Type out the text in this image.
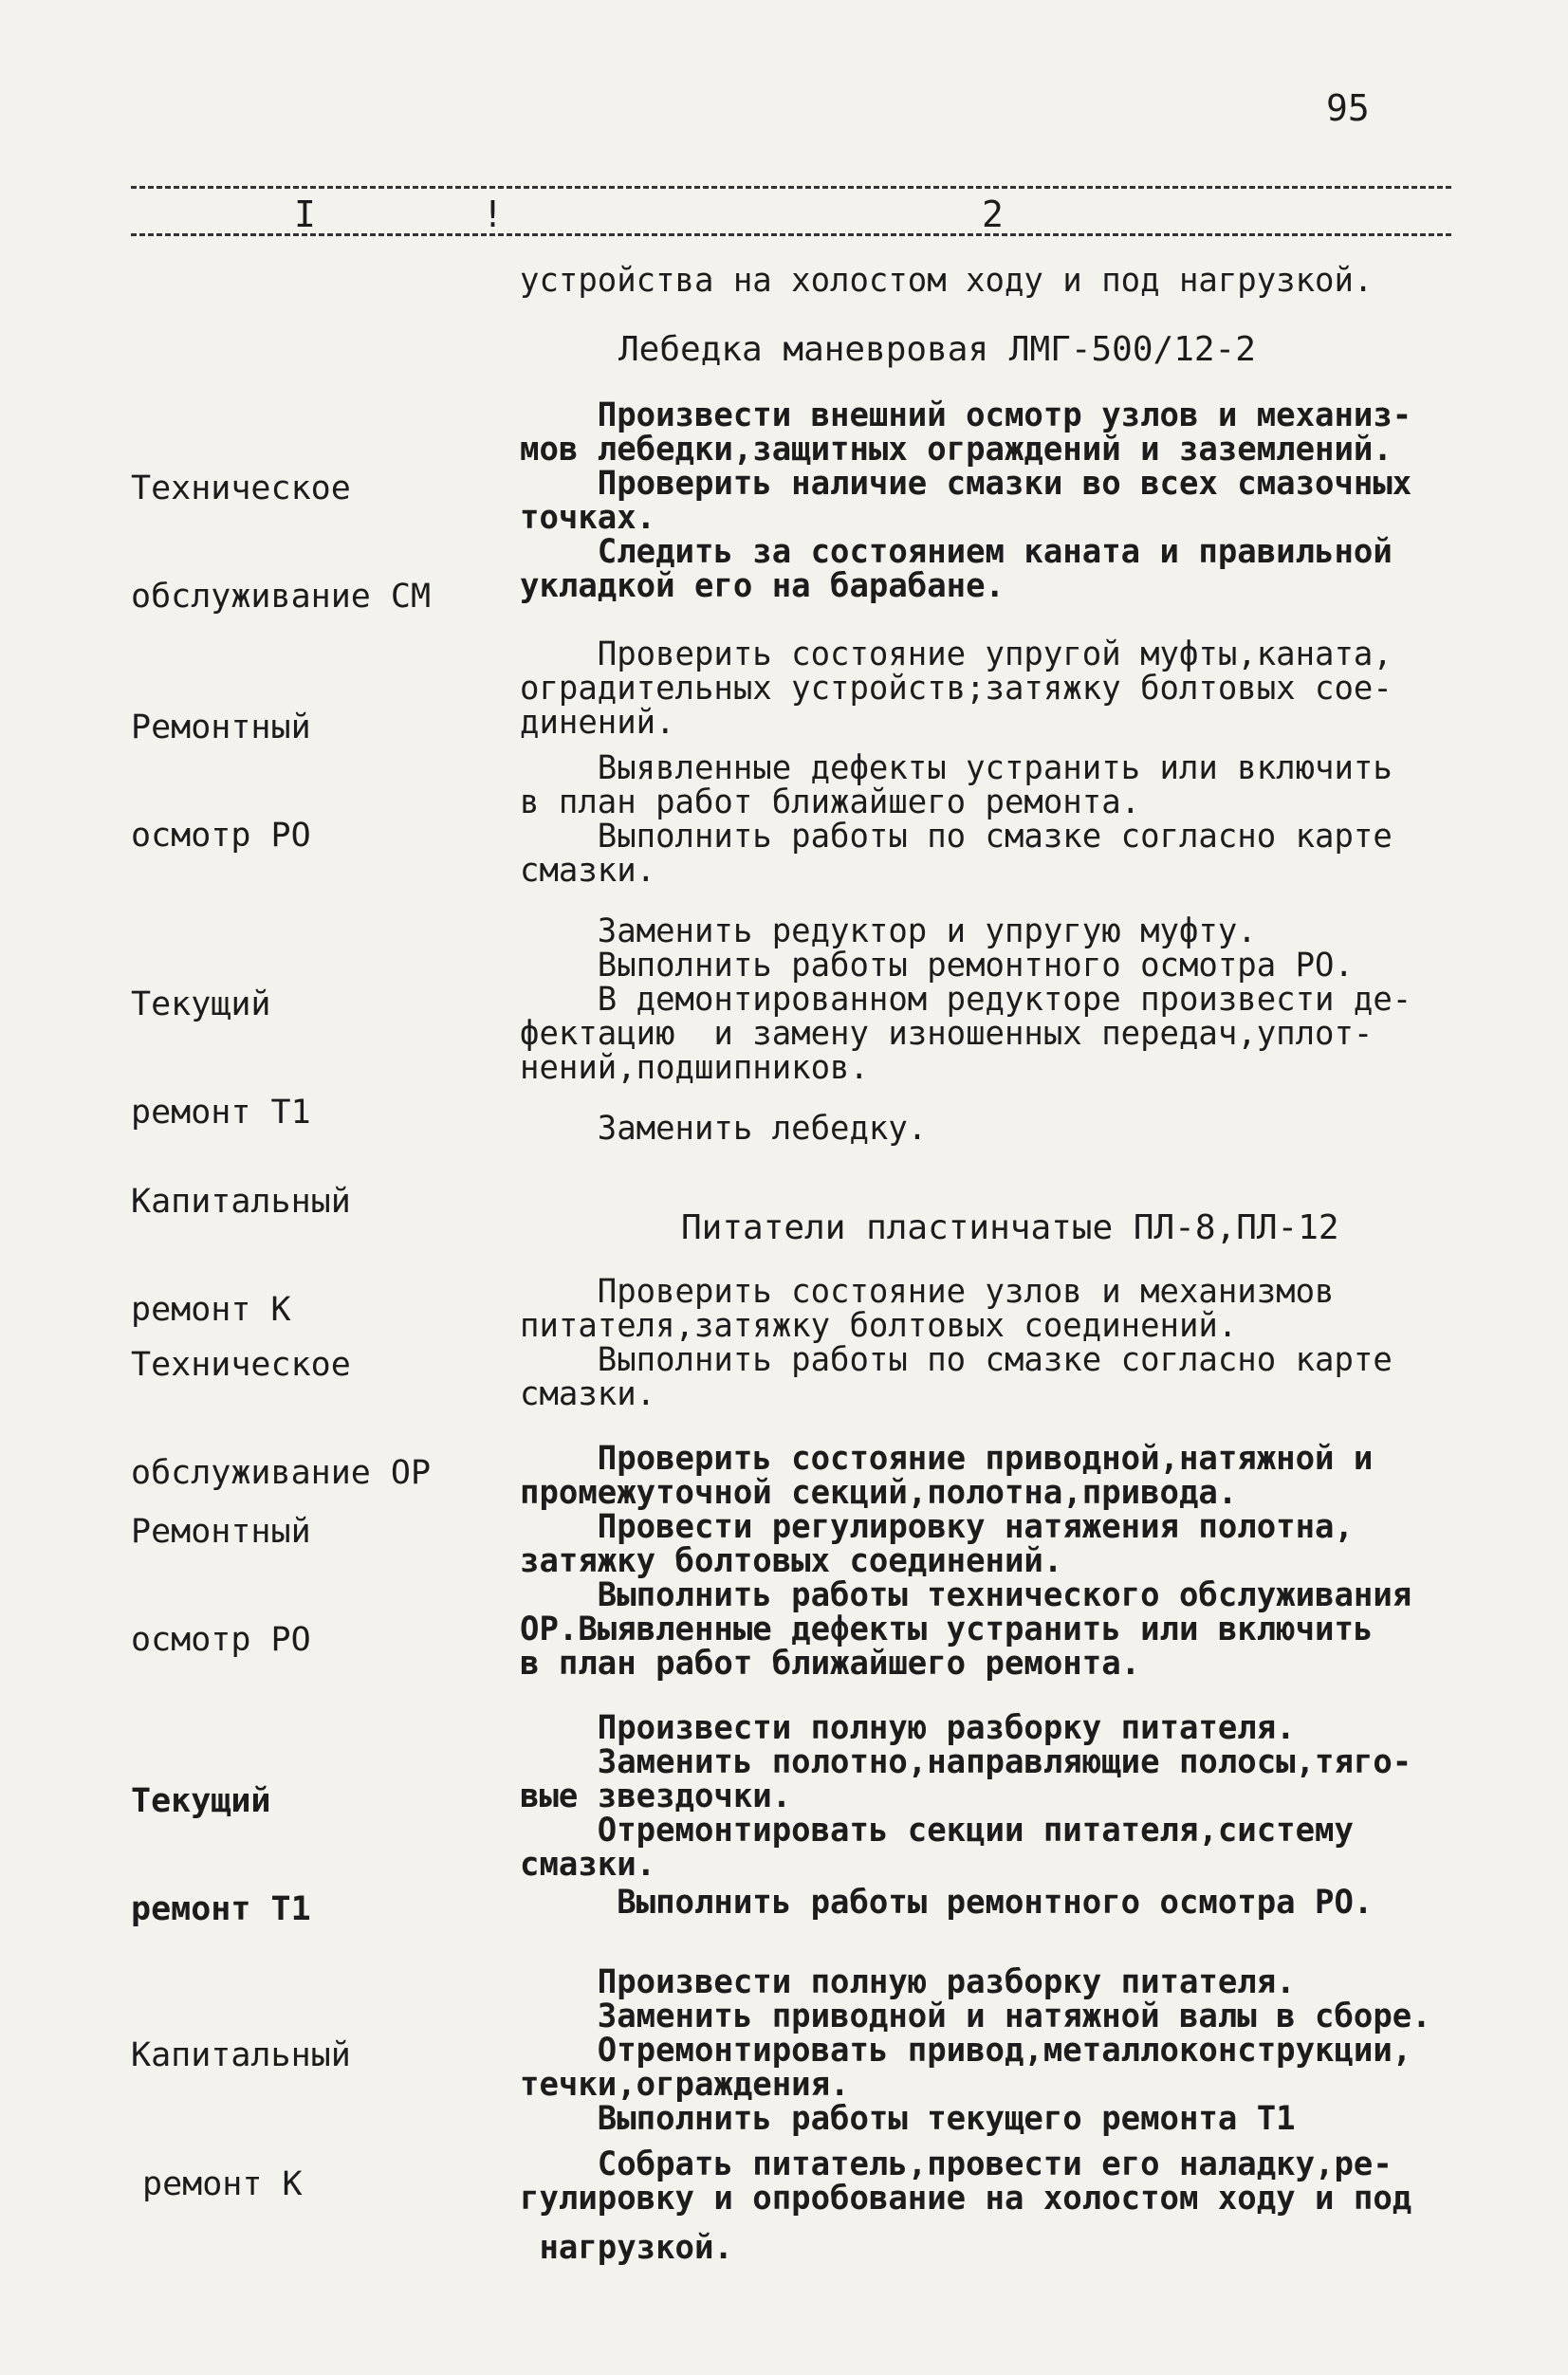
95
I	!	2
устройства на холостом ходу и под нагрузкой.
Лебедка маневровая ЛМГ-500/12-2

Техническое

обслуживание СМ

Произвести внешний осмотр узлов и механиз-
мов лебедки,защитных ограждений и заземлений.
Проверить наличие смазки во всех смазочных
точках.
Следить за состоянием каната и правильной
укладкой его на барабане.

Ремонтный

осмотр РО

Проверить состояние упругой муфты,каната,
оградительных устройств;затяжку болтовых сое-
динений.
Выявленные дефекты устранить или включить
в план работ ближайшего ремонта.
Выполнить работы по смазке согласно карте
смазки.

Текущий

ремонт Т1

Заменить редуктор и упругую муфту.
Выполнить работы ремонтного осмотра РО.
В демонтированном редукторе произвести де-
фектацию  и замену изношенных передач,уплот-
нений,подшипников.

Капитальный

ремонт К

Заменить лебедку.
Питатели пластинчатые ПЛ-8,ПЛ-12

Техническое

обслуживание ОР

Проверить состояние узлов и механизмов
питателя,затяжку болтовых соединений.
Выполнить работы по смазке согласно карте
смазки.

Ремонтный

осмотр РО

Проверить состояние приводной,натяжной и
промежуточной секций,полотна,привода.
Провести регулировку натяжения полотна,
затяжку болтовых соединений.
Выполнить работы технического обслуживания
ОР.Выявленные дефекты устранить или включить
в план работ ближайшего ремонта.

Текущий

ремонт Т1

Произвести полную разборку питателя.
Заменить полотно,направляющие полосы,тяго-
вые звездочки.
Отремонтировать секции питателя,систему
смазки.
Выполнить работы ремонтного осмотра РО.

Капитальный

ремонт К

Произвести полную разборку питателя.
Заменить приводной и натяжной валы в сборе.
Отремонтировать привод,металлоконструкции,
течки,ограждения.
Выполнить работы текущего ремонта Т1
Собрать питатель,провести его наладку,ре-
гулировку и опробование на холостом ходу и под
нагрузкой.
